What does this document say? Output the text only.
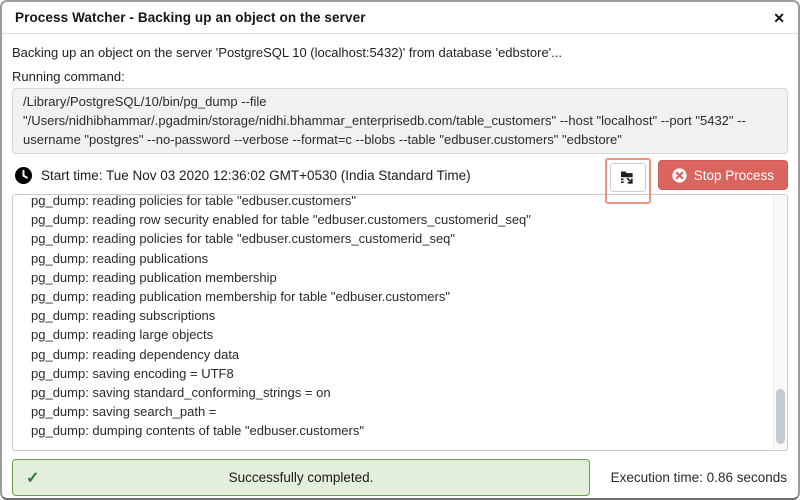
Process Watcher - Backing up an object on the server	✕
Backing up an object on the server 'PostgreSQL 10 (localhost:5432)' from database 'edbstore'...
Running command:
/Library/PostgreSQL/10/bin/pg_dump --file
"/Users/nidhibhammar/.pgadmin/storage/nidhi.bhammar_enterprisedb.com/table_customers" --host "localhost" --port "5432" --
username "postgres" --no-password --verbose --format=c --blobs --table "edbuser.customers" "edbstore"
Start time: Tue Nov 03 2020 12:36:02 GMT+0530 (India Standard Time)	Stop Process
pg_dump: reading policies for table "edbuser.customers"
pg_dump: reading row security enabled for table "edbuser.customers_customerid_seq"
pg_dump: reading policies for table "edbuser.customers_customerid_seq"
pg_dump: reading publications
pg_dump: reading publication membership
pg_dump: reading publication membership for table "edbuser.customers"
pg_dump: reading subscriptions
pg_dump: reading large objects
pg_dump: reading dependency data
pg_dump: saving encoding = UTF8
pg_dump: saving standard_conforming_strings = on
pg_dump: saving search_path =
pg_dump: dumping contents of table "edbuser.customers"
✓	Successfully completed.	Execution time: 0.86 seconds
